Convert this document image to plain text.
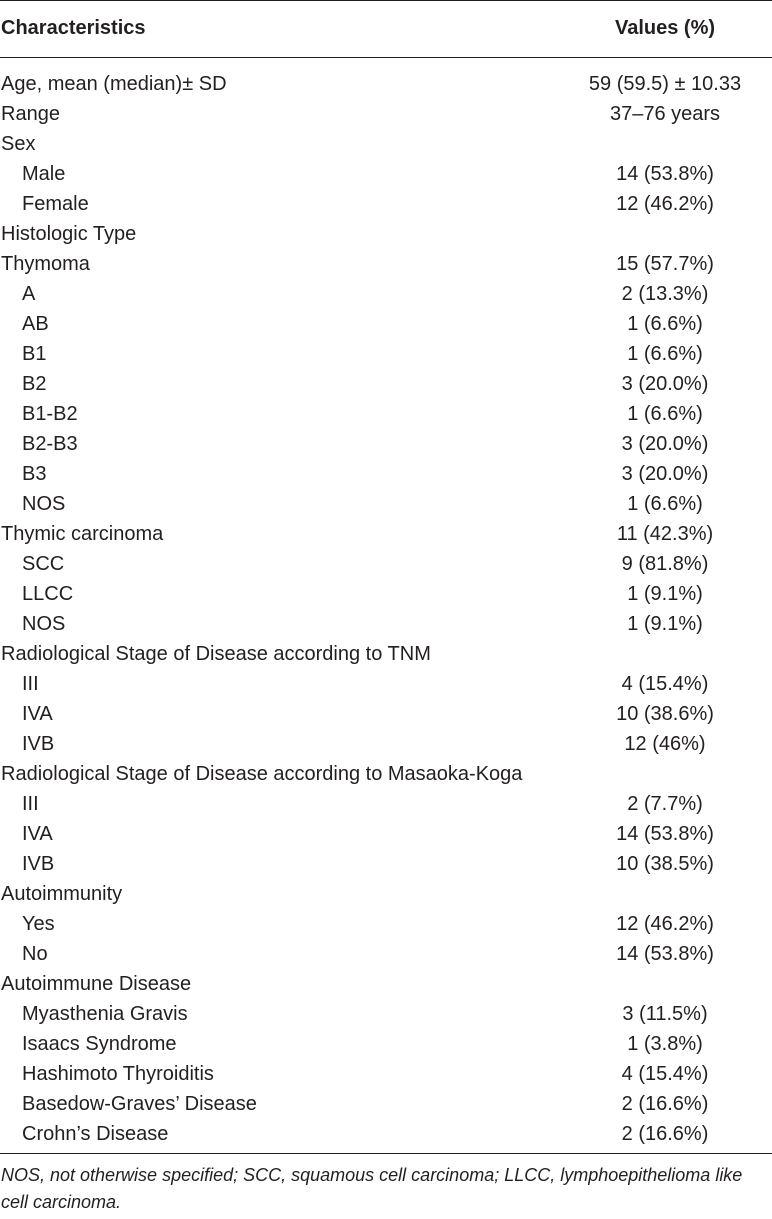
Characteristics	Values (%)
Age, mean (median)± SD	59 (59.5) ± 10.33
Range	37–76 years
Sex
Male	14 (53.8%)
Female	12 (46.2%)
Histologic Type
Thymoma	15 (57.7%)
A	2 (13.3%)
AB	1 (6.6%)
B1	1 (6.6%)
B2	3 (20.0%)
B1-B2	1 (6.6%)
B2-B3	3 (20.0%)
B3	3 (20.0%)
NOS	1 (6.6%)
Thymic carcinoma	11 (42.3%)
SCC	9 (81.8%)
LLCC	1 (9.1%)
NOS	1 (9.1%)
Radiological Stage of Disease according to TNM
III	4 (15.4%)
IVA	10 (38.6%)
IVB	12 (46%)
Radiological Stage of Disease according to Masaoka-Koga
III	2 (7.7%)
IVA	14 (53.8%)
IVB	10 (38.5%)
Autoimmunity
Yes	12 (46.2%)
No	14 (53.8%)
Autoimmune Disease
Myasthenia Gravis	3 (11.5%)
Isaacs Syndrome	1 (3.8%)
Hashimoto Thyroiditis	4 (15.4%)
Basedow-Graves’ Disease	2 (16.6%)
Crohn’s Disease	2 (16.6%)
NOS, not otherwise specified; SCC, squamous cell carcinoma; LLCC, lymphoepithelioma like cell carcinoma.
